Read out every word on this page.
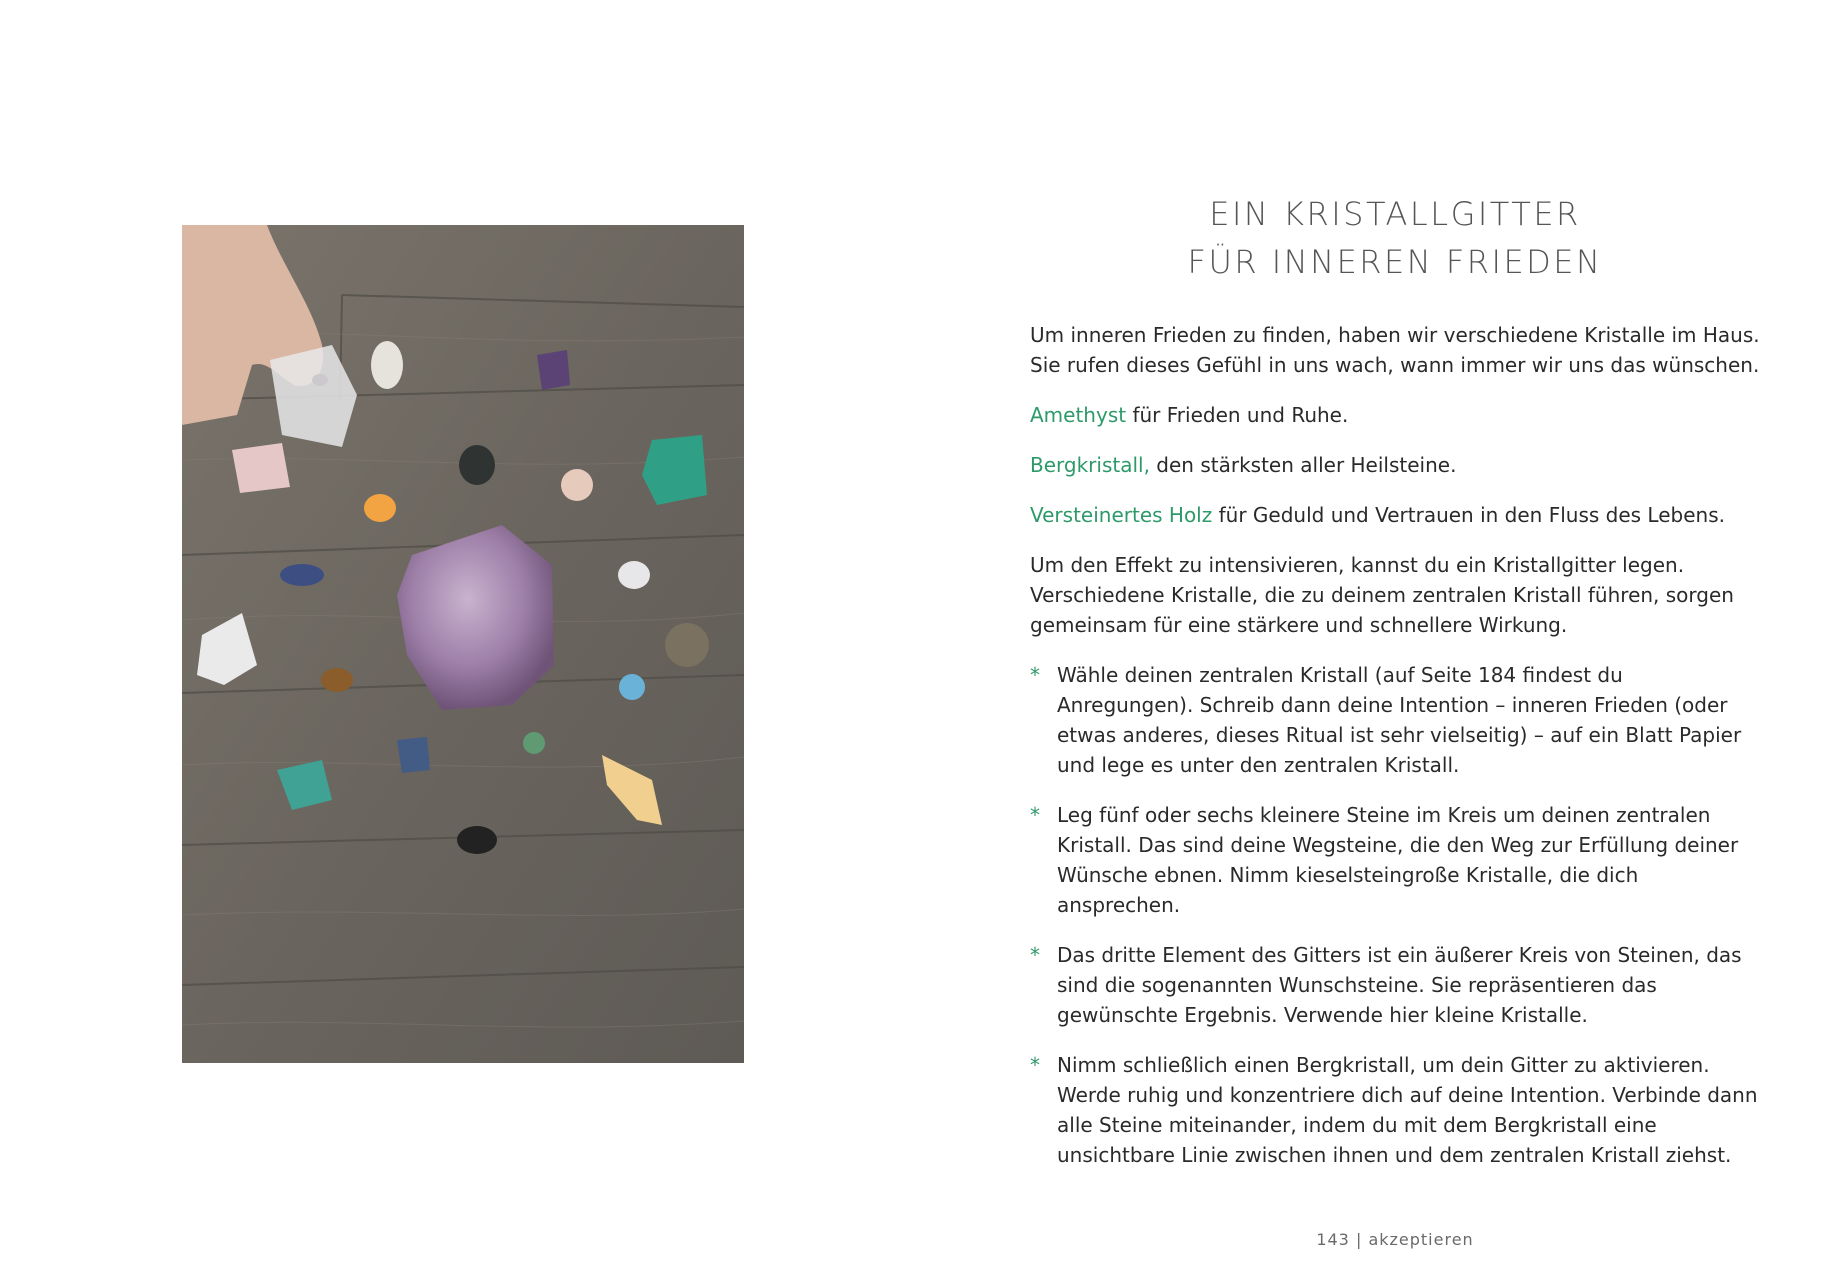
EIN KRISTALLGITTER
FÜR INNEREN FRIEDEN

Um inneren Frieden zu finden, haben wir verschiedene Kristalle im Haus. Sie rufen dieses Gefühl in uns wach, wann immer wir uns das wünschen.

Amethyst für Frieden und Ruhe.

Bergkristall, den stärksten aller Heilsteine.

Versteinertes Holz für Geduld und Vertrauen in den Fluss des Lebens.

Um den Effekt zu intensivieren, kannst du ein Kristallgitter legen. Verschiedene Kristalle, die zu deinem zentralen Kristall führen, sorgen gemeinsam für eine stärkere und schnellere Wirkung.

* Wähle deinen zentralen Kristall (auf Seite 184 findest du Anregungen). Schreib dann deine Intention – inneren Frieden (oder etwas anderes, dieses Ritual ist sehr vielseitig) – auf ein Blatt Papier und lege es unter den zentralen Kristall.
* Leg fünf oder sechs kleinere Steine im Kreis um deinen zentralen Kristall. Das sind deine Wegsteine, die den Weg zur Erfüllung deiner Wünsche ebnen. Nimm kieselsteingroße Kristalle, die dich ansprechen.
* Das dritte Element des Gitters ist ein äußerer Kreis von Steinen, das sind die sogenannten Wunschsteine. Sie repräsentieren das gewünschte Ergebnis. Verwende hier kleine Kristalle.
* Nimm schließlich einen Bergkristall, um dein Gitter zu aktivieren. Werde ruhig und konzentriere dich auf deine Intention. Verbinde dann alle Steine miteinander, indem du mit dem Bergkristall eine unsichtbare Linie zwischen ihnen und dem zentralen Kristall ziehst.
143 | akzeptieren
